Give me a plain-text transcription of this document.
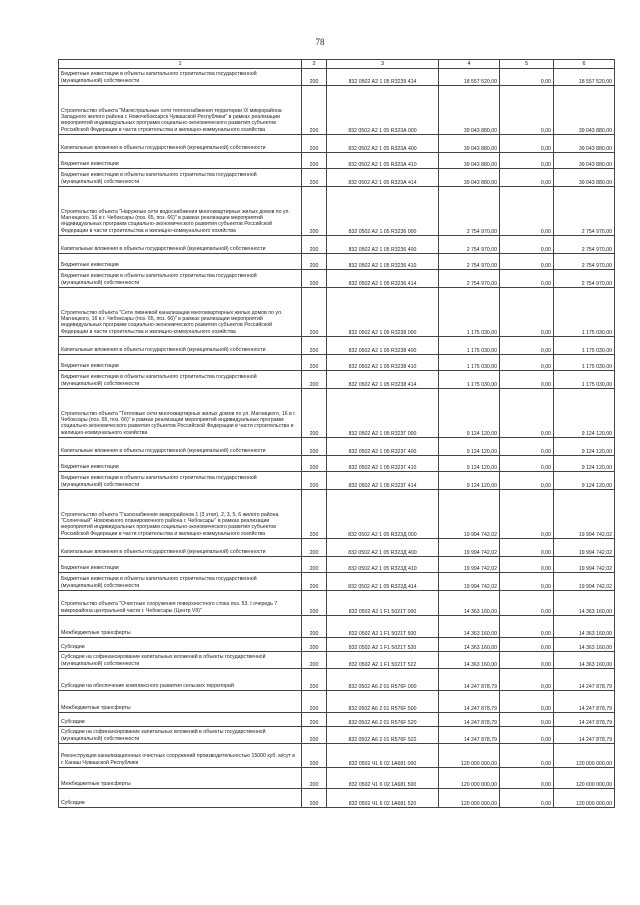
78
1	2	3	4	5	6
Бюджетные инвестиции в объекты капитального строительства государственной (муниципальной) собственности	200	832 0502 А2 1 05 R3239 414	18 557 520,00	0,00	18 557 520,00
Строительство объекта "Магистральные сети теплоснабжения территории IX микрорайона Западного жилого района г. Новочебоксарск Чувашской Республики" в рамках реализации мероприятий индивидуальных программ социально-экономического развития субъектов Российской Федерации в части строительства и жилищно-коммунального хозяйства	200	832 0502 А2 1 05 R323А 000	39 043 880,00	0,00	39 043 880,00
Капитальные вложения в объекты государственной (муниципальной) собственности	200	832 0502 А2 1 05 R323А 400	39 043 880,00	0,00	39 043 880,00
Бюджетные инвестиции	200	832 0502 А2 1 05 R323А 410	39 043 880,00	0,00	39 043 880,00
Бюджетные инвестиции в объекты капитального строительства государственной (муниципальной) собственности	200	832 0502 А2 1 05 R323А 414	39 043 880,00	0,00	39 043 880,00
Строительство объекта "Наружные сети водоснабжения многоквартирных жилых домов по ул. Магницкого, 16 в г. Чебоксары (поз. 65, поз. 66)" в рамках реализации мероприятий индивидуальных программ социально-экономического развития субъектов Российской Федерации в части строительства и жилищно-коммунального хозяйства	200	832 0502 А2 1 05 R3236 000	2 754 970,00	0,00	2 754 970,00
Капитальные вложения в объекты государственной (муниципальной) собственности	200	832 0502 А2 1 05 R3236 400	2 754 970,00	0,00	2 754 970,00
Бюджетные инвестиции	200	832 0502 А2 1 05 R3236 410	2 754 970,00	0,00	2 754 970,00
Бюджетные инвестиции в объекты капитального строительства государственной (муниципальной) собственности	200	832 0502 А2 1 05 R3236 414	2 754 970,00	0,00	2 754 970,00
Строительство объекта "Сети ливневой канализации многоквартирных жилых домов по ул. Магницкого, 16 в г. Чебоксары (поз. 65, поз. 66)" в рамках реализации мероприятий индивидуальных программ социально-экономического развития субъектов Российской Федерации в части строительства и жилищно-коммунального хозяйства	200	832 0502 А2 1 05 R3238 000	1 175 030,00	0,00	1 175 030,00
Капитальные вложения в объекты государственной (муниципальной) собственности	200	832 0502 А2 1 05 R3238 400	1 175 030,00	0,00	1 175 030,00
Бюджетные инвестиции	200	832 0502 А2 1 05 R3238 410	1 175 030,00	0,00	1 175 030,00
Бюджетные инвестиции в объекты капитального строительства государственной (муниципальной) собственности	200	832 0502 А2 1 05 R3238 414	1 175 030,00	0,00	1 175 030,00
Строительство объекта "Тепловые сети многоквартирных жилых домов по ул. Магницкого, 16 в г. Чебоксары (поз. 65, поз. 66)" в рамках реализации мероприятий индивидуальных программ социально-экономического развития субъектов Российской Федерации в части строительства и жилищно-коммунального хозяйства	200	832 0502 А2 1 05 R323Г 000	9 124 120,00	0,00	9 124 120,00
Капитальные вложения в объекты государственной (муниципальной) собственности	200	832 0502 А2 1 05 R323Г 400	9 124 120,00	0,00	9 124 120,00
Бюджетные инвестиции	200	832 0502 А2 1 05 R323Г 410	9 124 120,00	0,00	9 124 120,00
Бюджетные инвестиции в объекты капитального строительства государственной (муниципальной) собственности	200	832 0502 А2 1 05 R323Г 414	9 124 120,00	0,00	9 124 120,00
Строительство объекта "Газоснабжение микрорайонов 1 (3 этап), 2, 3, 5, 6 жилого района "Солнечный" Новоюжного планировочного района г. Чебоксары" в рамках реализации мероприятий индивидуальных программ социально-экономического развития субъектов Российской Федерации в части строительства и жилищно-коммунального хозяйства	200	832 0502 А2 1 05 R323Д 000	19 994 742,02	0,00	19 994 742,02
Капитальные вложения в объекты государственной (муниципальной) собственности	200	832 0502 А2 1 05 R323Д 400	19 994 742,02	0,00	19 994 742,02
Бюджетные инвестиции	200	832 0502 А2 1 05 R323Д 410	19 994 742,02	0,00	19 994 742,02
Бюджетные инвестиции в объекты капитального строительства государственной (муниципальной) собственности	200	832 0502 А2 1 05 R323Д 414	19 994 742,02	0,00	19 994 742,02
Строительство объекта "Очистные сооружения поверхностного стока поз. 53. I очередь 7 микрорайона центральной части г. Чебоксары (Центр VII)"	200	832 0502 А2 1 F1 5021Т 000	14 363 160,00	0,00	14 363 160,00
Межбюджетные трансферты	200	832 0502 А2 1 F1 5021Т 500	14 363 160,00	0,00	14 363 160,00
Субсидии	200	832 0502 А2 1 F1 5021Т 520	14 363 160,00	0,00	14 363 160,00
Субсидии на софинансирование капитальных вложений в объекты государственной (муниципальной) собственности	200	832 0502 А2 1 F1 5021Т 522	14 363 160,00	0,00	14 363 160,00
Субсидии на обеспечение комплексного развития сельских территорий	200	832 0502 А6 2 01 R576F 000	14 247 878,79	0,00	14 247 878,79
Межбюджетные трансферты	200	832 0502 А6 2 01 R576F 500	14 247 878,79	0,00	14 247 878,79
Субсидии	200	832 0502 А6 2 01 R576F 520	14 247 878,79	0,00	14 247 878,79
Субсидии на софинансирование капитальных вложений в объекты государственной (муниципальной) собственности	200	832 0502 А6 2 01 R576F 522	14 247 878,79	0,00	14 247 878,79
Реконструкция канализационных очистных сооружений производительностью 15000 куб. м/сут в г. Канаш Чувашской Республики	200	832 0502 Ч1 6 02 1А681 000	120 000 000,00	0,00	120 000 000,00
Межбюджетные трансферты	200	832 0502 Ч1 6 02 1А681 500	120 000 000,00	0,00	120 000 000,00
Субсидии	200	832 0502 Ч1 6 02 1А681 520	120 000 000,00	0,00	120 000 000,00
